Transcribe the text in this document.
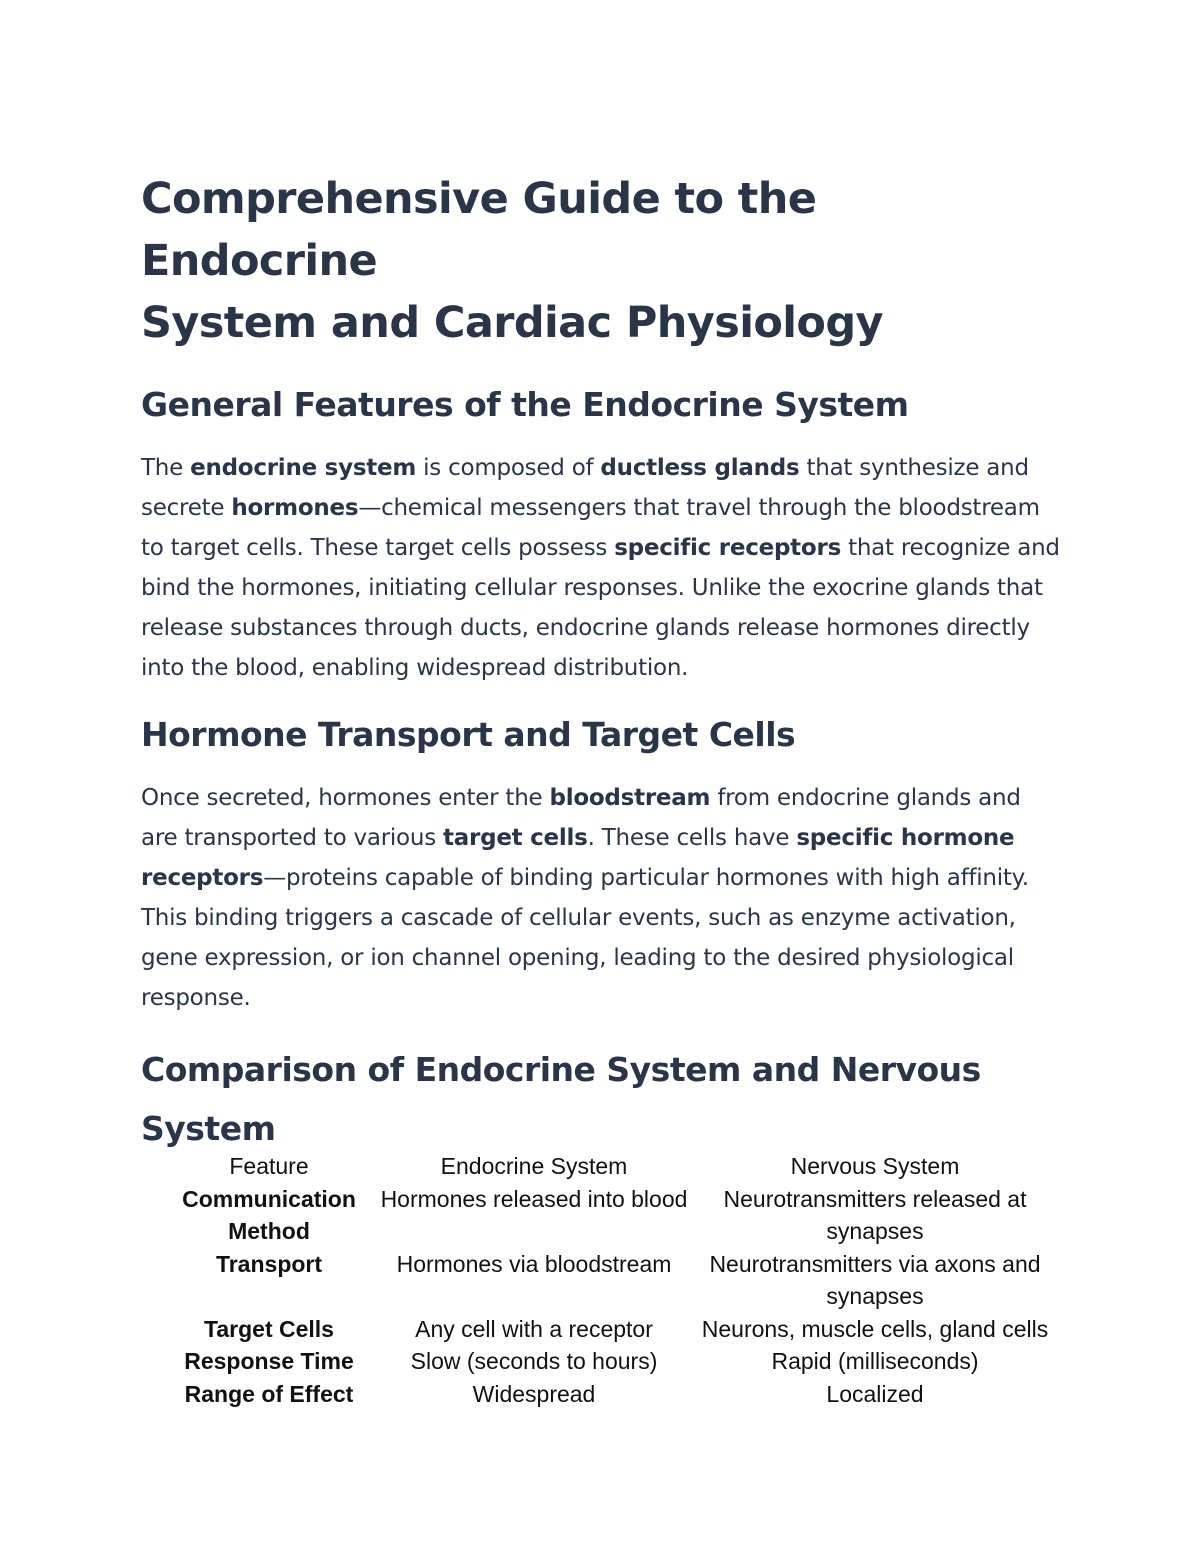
Comprehensive Guide to the Endocrine
System and Cardiac Physiology
General Features of the Endocrine System

The endocrine system is composed of ductless glands that synthesize and secrete hormones—chemical messengers that travel through the bloodstream to target cells. These target cells possess specific receptors that recognize and bind the hormones, initiating cellular responses. Unlike the exocrine glands that release substances through ducts, endocrine glands release hormones directly into the blood, enabling widespread distribution.

Hormone Transport and Target Cells

Once secreted, hormones enter the bloodstream from endocrine glands and are transported to various target cells. These cells have specific hormone receptors—proteins capable of binding particular hormones with high affinity. This binding triggers a cascade of cellular events, such as enzyme activation, gene expression, or ion channel opening, leading to the desired physiological response.

Comparison of Endocrine System and Nervous System
Feature	Endocrine System	Nervous System
Communication Method	Hormones released into blood	Neurotransmitters released at synapses
Transport	Hormones via bloodstream	Neurotransmitters via axons and synapses
Target Cells	Any cell with a receptor	Neurons, muscle cells, gland cells
Response Time	Slow (seconds to hours)	Rapid (milliseconds)
Range of Effect	Widespread	Localized
